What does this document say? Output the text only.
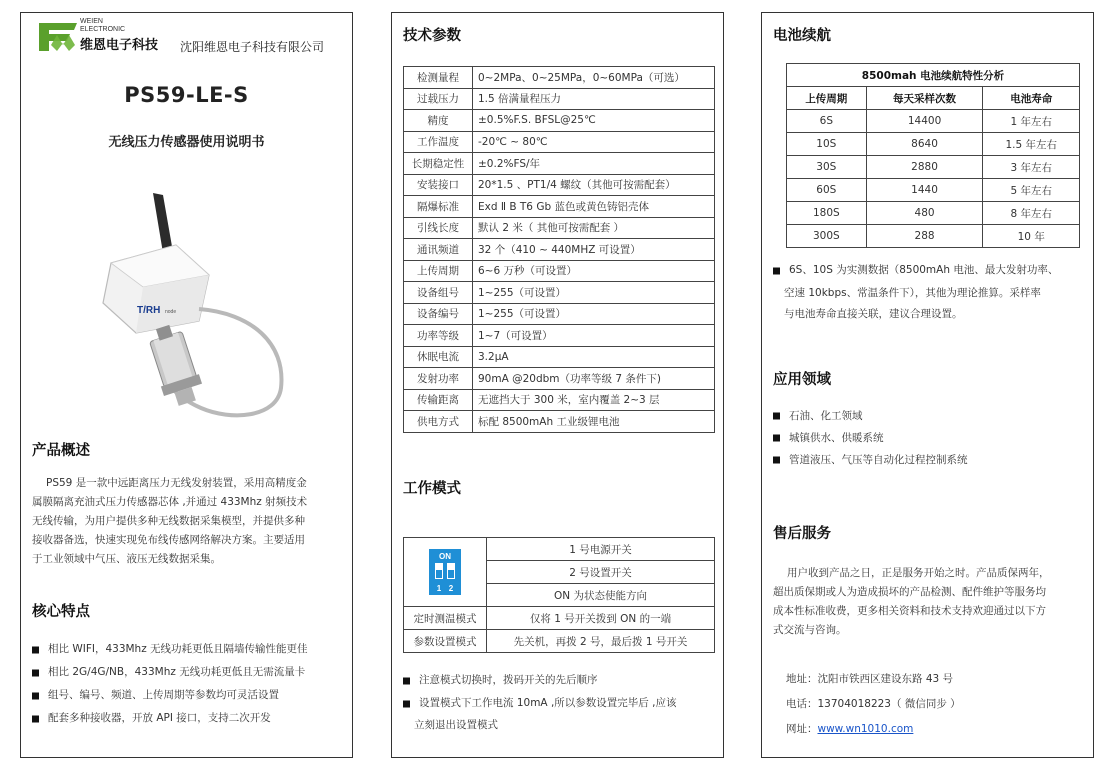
WEIEN
ELECTRONIC
维恩电子科技 沈阳维恩电子科技有限公司
PS59-LE-S
无线压力传感器使用说明书
T/RH node
产品概述
PS59 是一款中远距离压力无线发射装置，采用高精度金
属膜隔离充油式压力传感器芯体 ,并通过 433Mhz 射频技术
无线传输，为用户提供多种无线数据采集模型，并提供多种
接收器备选，快速实现免布线传感网络解决方案。主要适用
于工业领域中气压、液压无线数据采集。
核心特点
相比 WIFI，433Mhz 无线功耗更低且隔墙传输性能更佳
相比 2G/4G/NB，433Mhz 无线功耗更低且无需流量卡
组号、编号、频道、上传周期等参数均可灵活设置
配套多种接收器，开放 API 接口，支持二次开发
技术参数
检测量程	0~2MPa、0~25MPa，0~60MPa（可选）
过载压力	1.5 倍满量程压力
精度	±0.5%F.S. BFSL@25℃
工作温度	-20℃ ~ 80℃
长期稳定性	±0.2%FS/年
安装接口	20*1.5 、PT1/4 螺纹（其他可按需配套）
隔爆标准	Exd Ⅱ B T6 Gb 蓝色或黄色铸铝壳体
引线长度	默认 2 米（ 其他可按需配套 ）
通讯频道	32 个（410 ~ 440MHZ 可设置）
上传周期	6~6 万秒（可设置）
设备组号	1~255（可设置）
设备编号	1~255（可设置）
功率等级	1~7（可设置）
休眠电流	3.2μA
发射功率	90mA @20dbm（功率等级 7 条件下)
传输距离	无遮挡大于 300 米，室内覆盖 2~3 层
供电方式	标配 8500mAh 工业级锂电池
工作模式
ON
1 2	1 号电源开关
	2 号设置开关
	ON 为状态使能方向
定时测温模式	仅将 1 号开关拨到 ON 的一端
参数设置模式	先关机，再拨 2 号，最后拨 1 号开关
注意模式切换时，拨码开关的先后顺序
设置模式下工作电流 10mA ,所以参数设置完毕后 ,应该
立刻退出设置模式
电池续航
8500mah 电池续航特性分析		
上传周期	每天采样次数	电池寿命
6S	14400	1 年左右
10S	8640	1.5 年左右
30S	2880	3 年左右
60S	1440	5 年左右
180S	480	8 年左右
300S	288	10 年
6S、10S 为实测数据（8500mAh 电池、最大发射功率、
空速 10kbps、常温条件下），其他为理论推算。采样率
与电池寿命直接关联，建议合理设置。
应用领域
石油、化工领域
城镇供水、供暖系统
管道液压、气压等自动化过程控制系统
售后服务
用户收到产品之日，正是服务开始之时。产品质保两年，
超出质保期或人为造成损坏的产品检测、配件维护等服务均
成本性标准收费，更多相关资料和技术支持欢迎通过以下方
式交流与咨询。
地址：沈阳市铁西区建设东路 43 号
电话：13704018223（ 微信同步 ）
网址：www.wn1010.com
